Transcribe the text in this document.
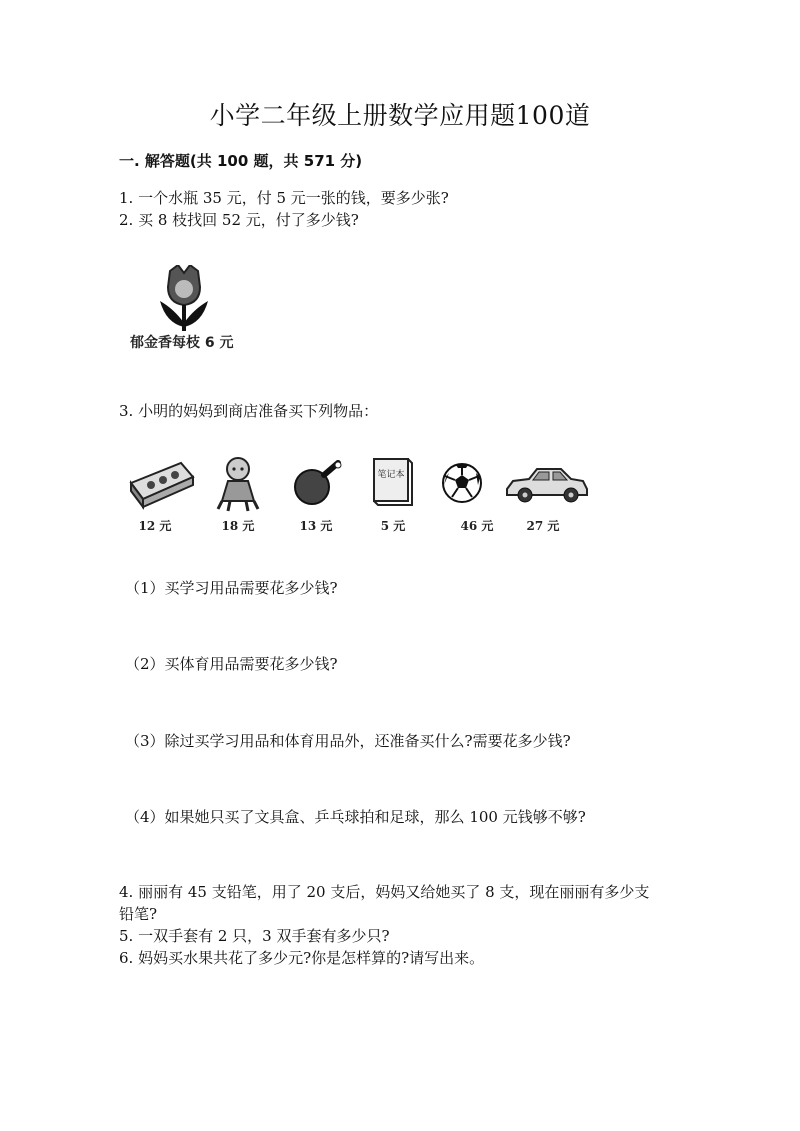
小学二年级上册数学应用题100道
一. 解答题(共 100 题，共 571 分)
1. 一个水瓶 35 元，付 5 元一张的钱，要多少张?
2. 买 8 枝找回 52 元，付了多少钱?
郁金香每枝 6 元
3. 小明的妈妈到商店准备买下列物品：
12 元	18 元	13 元
笔记本
5 元	46 元	27 元
（1）买学习用品需要花多少钱?
（2）买体育用品需要花多少钱?
（3）除过买学习用品和体育用品外，还准备买什么?需要花多少钱?
（4）如果她只买了文具盒、乒乓球拍和足球，那么 100 元钱够不够?
4. 丽丽有 45 支铅笔，用了 20 支后，妈妈又给她买了 8 支，现在丽丽有多少支
铅笔?
5. 一双手套有 2 只，3 双手套有多少只?
6. 妈妈买水果共花了多少元?你是怎样算的?请写出来。
